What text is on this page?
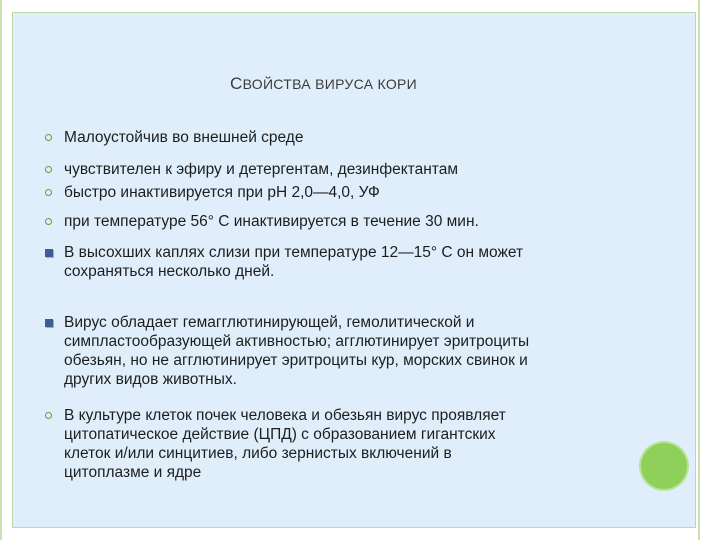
СВОЙСТВА ВИРУСА КОРИ
Малоустойчив во внешней среде
чувствителен к эфиру и детергентам, дезинфектантам
быстро инактивируется при рН 2,0—4,0, УФ
при температуре 56° С инактивируется в течение 30 мин.
В высохших каплях слизи при температуре 12—15° С он может
сохраняться несколько дней.
Вирус обладает гемагглютинирующей, гемолитической и
симпластообразующей активностью; агглютинирует эритроциты
обезьян, но не агглютинирует эритроциты кур, морских свинок и
других видов животных.
В культуре клеток почек человека и обезьян вирус проявляет
цитопатическое действие (ЦПД) с образованием гигантских
клеток и/или синцитиев, либо зернистых включений в
цитоплазме и ядре
